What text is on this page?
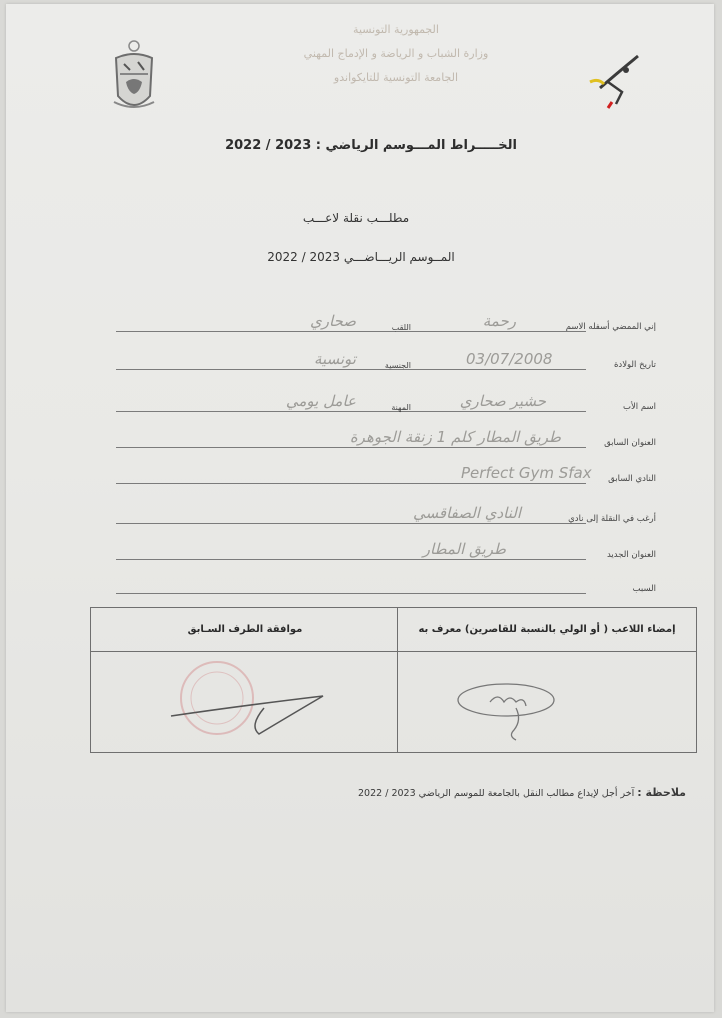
الجمهورية التونسية
وزارة الشباب و الرياضة و الإدماج المهني
الجامعة التونسية للتايكواندو
الخـــــراط المـــوسم الرياضي : 2023 / 2022
مطلـــب نقلة لاعـــب
المــوسم الريـــاضـــي 2023 / 2022
إني الممضي أسفله الاسم
رحمة
اللقب
صحاري
تاريخ الولادة
03/07/2008
الجنسية
تونسية
اسم الأب
حشير صحاري
المهنة
عامل يومي
العنوان السابق
طريق المطار كلم 1 زنقة الجوهرة
النادي السابق
Perfect Gym Sfax
أرغب في النقلة إلى نادي
النادي الصفاقسي
العنوان الجديد
طريق المطار
السبب
إمضاء اللاعب ( أو الولي بالنسبة للقاصرين) معرف به
موافقة الطرف السـابق
ملاحظة : آخر أجل لإيداع مطالب النقل بالجامعة للموسم الرياضي 2023 / 2022
